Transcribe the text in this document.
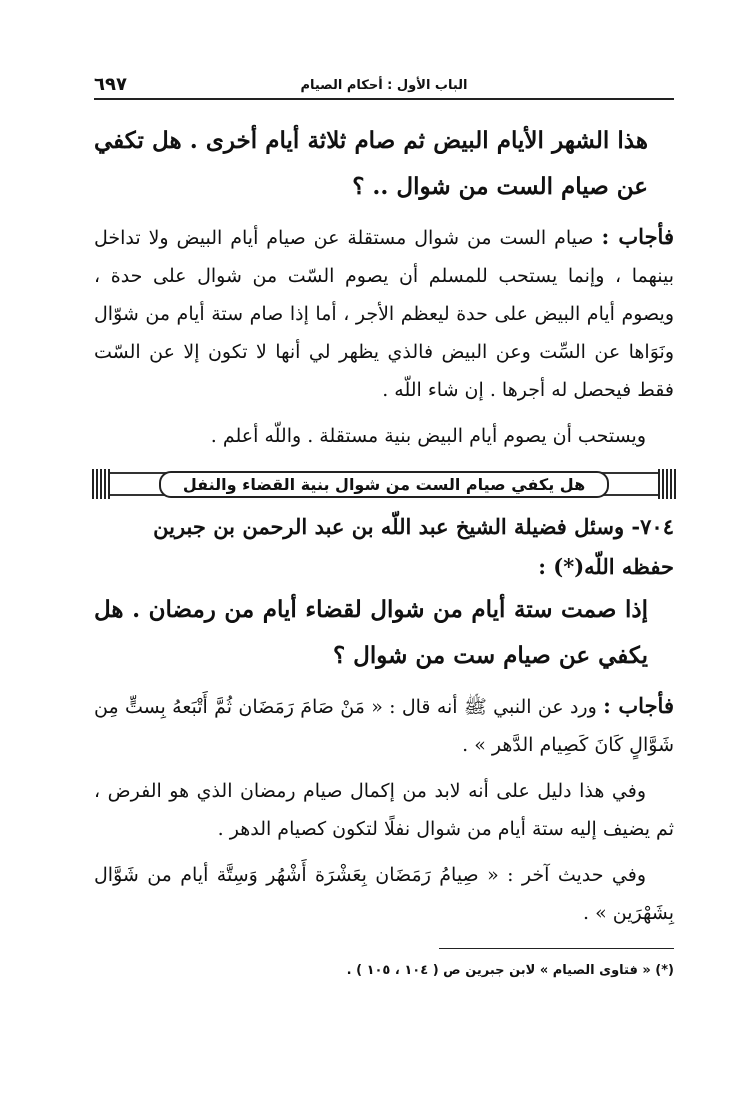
الباب الأول : أحكام الصيام
٦٩٧
هذا الشهر الأيام البيض ثم صام ثلاثة أيام أخرى . هل تكفي عن صيام الست من شوال .. ؟
فأجاب : صيام الست من شوال مستقلة عن صيام أيام البيض ولا تداخل بينهما ، وإنما يستحب للمسلم أن يصوم السّت من شوال على حدة ، ويصوم أيام البيض على حدة ليعظم الأجر ، أما إذا صام ستة أيام من شوّال ونَوَاها عن السِّت وعن البيض فالذي يظهر لي أنها لا تكون إلا عن السّت فقط فيحصل له أجرها . إن شاء اللّه .
ويستحب أن يصوم أيام البيض بنية مستقلة . واللّه أعلم .
هل يكفي صيام الست من شوال بنية القضاء والنفل
٧٠٤- وسئل فضيلة الشيخ عبد اللّه بن عبد الرحمن بن جبرين حفظه اللّه(*) :
إذا صمت ستة أيام من شوال لقضاء أيام من رمضان . هل يكفي عن صيام ست من شوال ؟
فأجاب : ورد عن النبي ﷺ أنه قال : « مَنْ صَامَ رَمَضَان ثُمَّ أَتْبَعهُ بِستٍّ مِن شَوَّالٍ كَانَ كَصِيام الدَّهر » .
وفي هذا دليل على أنه لابد من إكمال صيام رمضان الذي هو الفرض ، ثم يضيف إليه ستة أيام من شوال نفلًا لتكون كصيام الدهر .
وفي حديث آخر : « صِيامُ رَمَضَان بِعَشْرَة أَشْهُر وَسِتَّة أيام من شَوَّال بِشَهْرَين » .
(*) « فتاوى الصيام » لابن جبرين ص ( ١٠٤ ، ١٠٥ ) .
